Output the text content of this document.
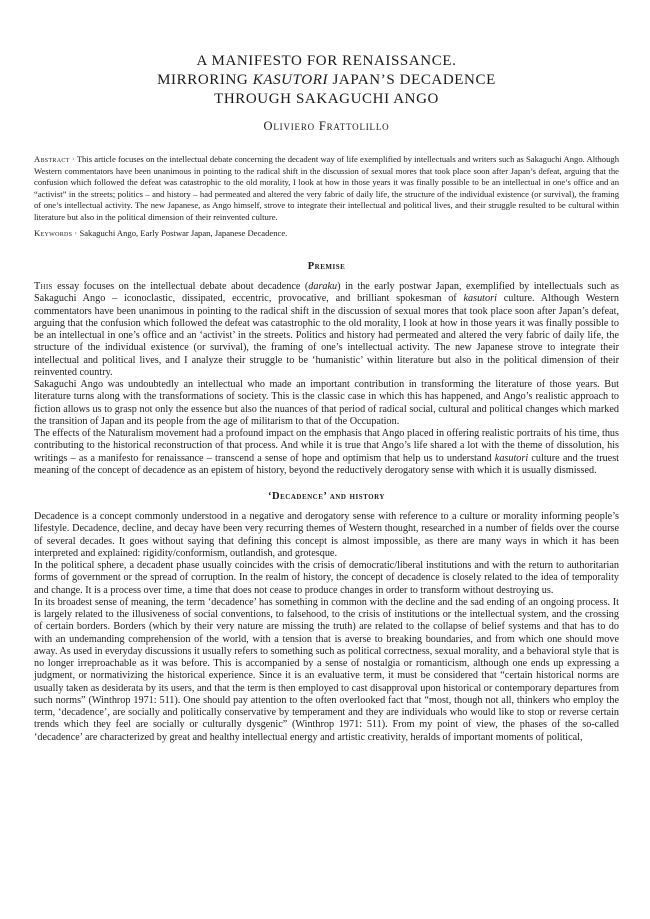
A MANIFESTO FOR RENAISSANCE.
MIRRORING KASUTORI JAPAN’S DECADENCE
THROUGH SAKAGUCHI ANGO
Oliviero Frattolillo

Abstract · This article focuses on the intellectual debate concerning the decadent way of life exemplified by intellectuals and writers such as Sakaguchi Ango. Although Western commentators have been unanimous in pointing to the radical shift in the discussion of sexual mores that took place soon after Japan’s defeat, arguing that the confusion which followed the defeat was catastrophic to the old morality, I look at how in those years it was finally possible to be an intellectual in one’s office and an “activist” in the streets; politics – and history – had permeated and altered the very fabric of daily life, the structure of the individual existence (or survival), the framing of one’s intellectual activity. The new Japanese, as Ango himself, strove to integrate their intellectual and political lives, and their struggle resulted to be cultural within literature but also in the political dimension of their reinvented culture.

Keywords · Sakaguchi Ango, Early Postwar Japan, Japanese Decadence.

Premise

This essay focuses on the intellectual debate about decadence (daraku) in the early postwar Japan, exemplified by intellectuals such as Sakaguchi Ango – iconoclastic, dissipated, eccentric, provocative, and brilliant spokesman of kasutori culture. Although Western commentators have been unanimous in pointing to the radical shift in the discussion of sexual mores that took place soon after Japan’s defeat, arguing that the confusion which followed the defeat was catastrophic to the old morality, I look at how in those years it was finally possible to be an intellectual in one’s office and an ‘activist’ in the streets. Politics and history had permeated and altered the very fabric of daily life, the structure of the individual existence (or survival), the framing of one’s intellectual activity. The new Japanese strove to integrate their intellectual and political lives, and I analyze their struggle to be ‘humanistic’ within literature but also in the political dimension of their reinvented country.

Sakaguchi Ango was undoubtedly an intellectual who made an important contribution in transforming the literature of those years. But literature turns along with the transformations of society. This is the classic case in which this has happened, and Ango’s realistic approach to fiction allows us to grasp not only the essence but also the nuances of that period of radical social, cultural and political changes which marked the transition of Japan and its people from the age of militarism to that of the Occupation.

The effects of the Naturalism movement had a profound impact on the emphasis that Ango placed in offering realistic portraits of his time, thus contributing to the historical reconstruction of that process. And while it is true that Ango’s life shared a lot with the theme of dissolution, his writings – as a manifesto for renaissance – transcend a sense of hope and optimism that help us to understand kasutori culture and the truest meaning of the concept of decadence as an epistem of history, beyond the reductively derogatory sense with which it is usually dismissed.

‘Decadence’ and history

Decadence is a concept commonly understood in a negative and derogatory sense with reference to a culture or morality informing people’s lifestyle. Decadence, decline, and decay have been very recurring themes of Western thought, researched in a number of fields over the course of several decades. It goes without saying that defining this concept is almost impossible, as there are many ways in which it has been interpreted and explained: rigidity/conformism, outlandish, and grotesque.

In the political sphere, a decadent phase usually coincides with the crisis of democratic/liberal institutions and with the return to authoritarian forms of government or the spread of corruption. In the realm of history, the concept of decadence is closely related to the idea of temporality and change. It is a process over time, a time that does not cease to produce changes in order to transform without destroying us.

In its broadest sense of meaning, the term ‘decadence’ has something in common with the decline and the sad ending of an ongoing process. It is largely related to the illusiveness of social conventions, to falsehood, to the crisis of institutions or the intellectual system, and the crossing of certain borders. Borders (which by their very nature are missing the truth) are related to the collapse of belief systems and that has to do with an undemanding comprehension of the world, with a tension that is averse to breaking boundaries, and from which one should move away. As used in everyday discussions it usually refers to something such as political correctness, sexual morality, and a behavioral style that is no longer irreproachable as it was before. This is accompanied by a sense of nostalgia or romanticism, although one ends up expressing a judgment, or normativizing the historical experience. Since it is an evaluative term, it must be considered that “certain historical norms are usually taken as desiderata by its users, and that the term is then employed to cast disapproval upon historical or contemporary departures from such norms” (Winthrop 1971: 511). One should pay attention to the often overlooked fact that “most, though not all, thinkers who employ the term, ‘decadence’, are socially and politically conservative by temperament and they are individuals who would like to stop or reverse certain trends which they feel are socially or culturally dysgenic” (Winthrop 1971: 511). From my point of view, the phases of the so-called ‘decadence’ are characterized by great and healthy intellectual energy and artistic creativity, heralds of important moments of political,
